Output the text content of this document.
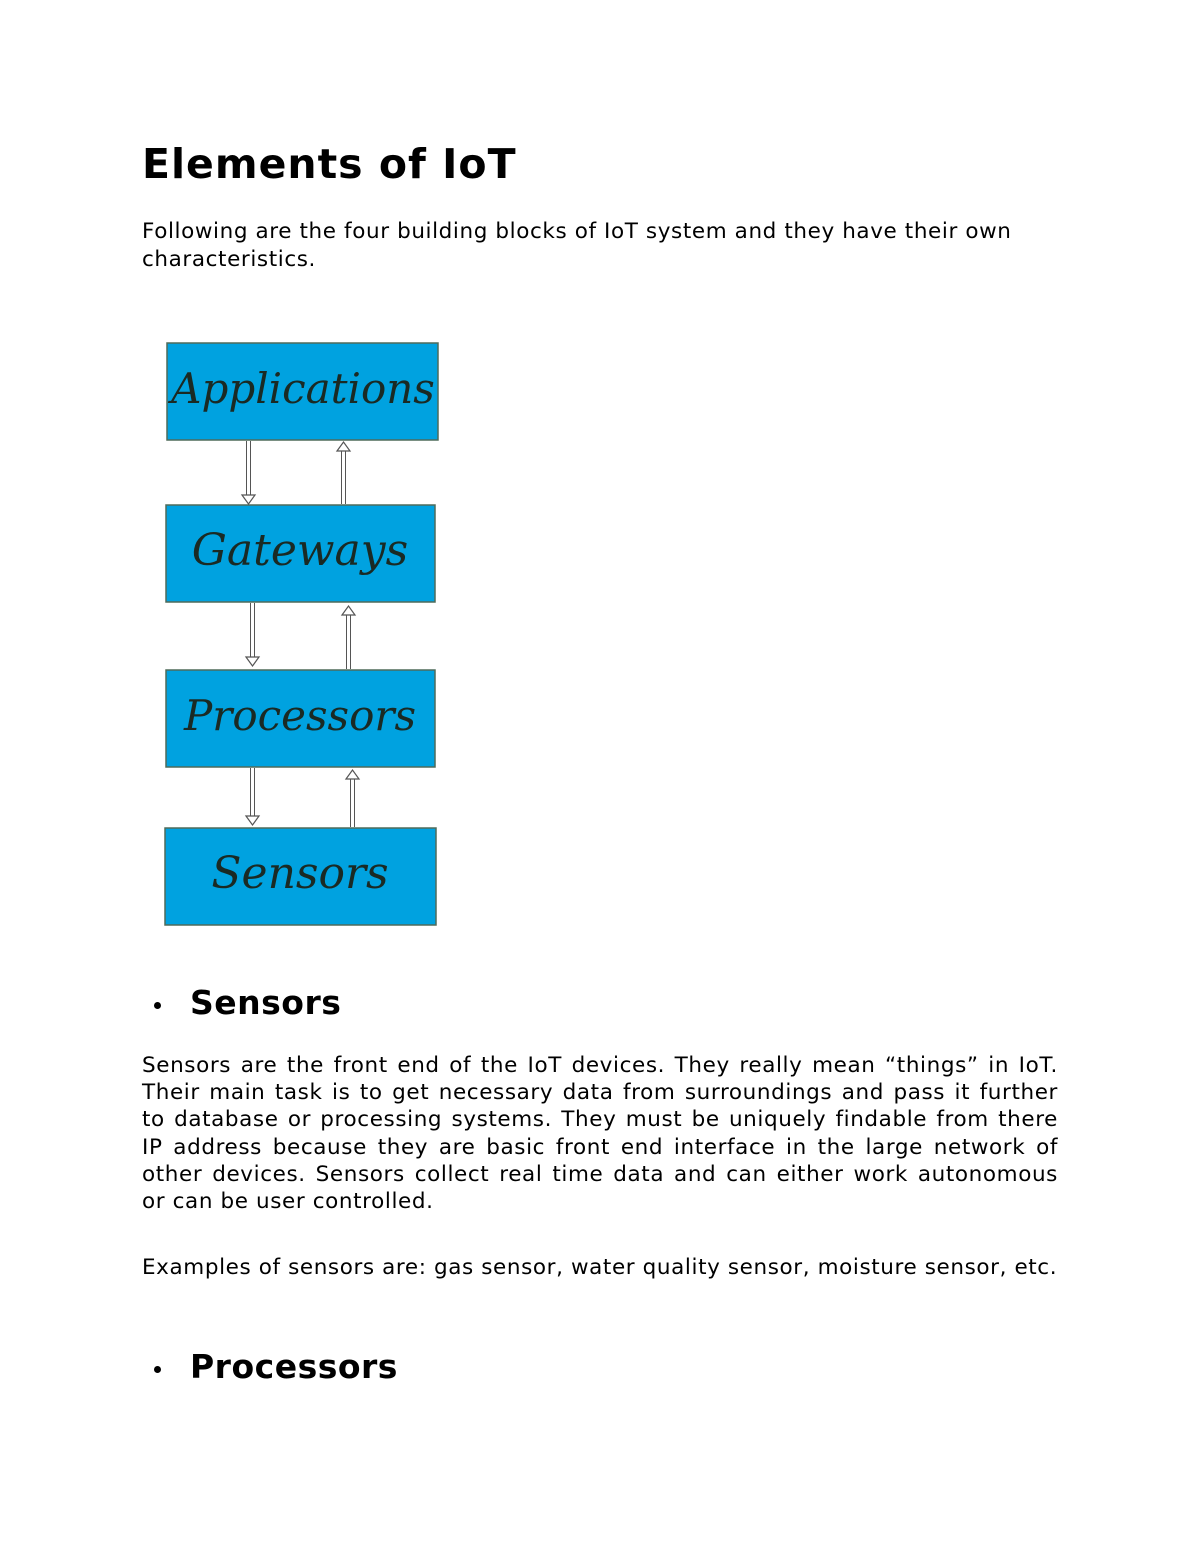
Elements of IoT

Following are the four building blocks of IoT system and they have their own characteristics.

Applications
Gateways
Processors
Sensors
Sensors

Sensors are the front end of the IoT devices. They really mean “things” in IoT. Their main task is to get necessary data from surroundings and pass it further to database or processing systems. They must be uniquely findable from there IP address because they are basic front end interface in the large network of other devices. Sensors collect real time data and can either work autonomous or can be user controlled.

Examples of sensors are: gas sensor, water quality sensor, moisture sensor, etc.

Processors
